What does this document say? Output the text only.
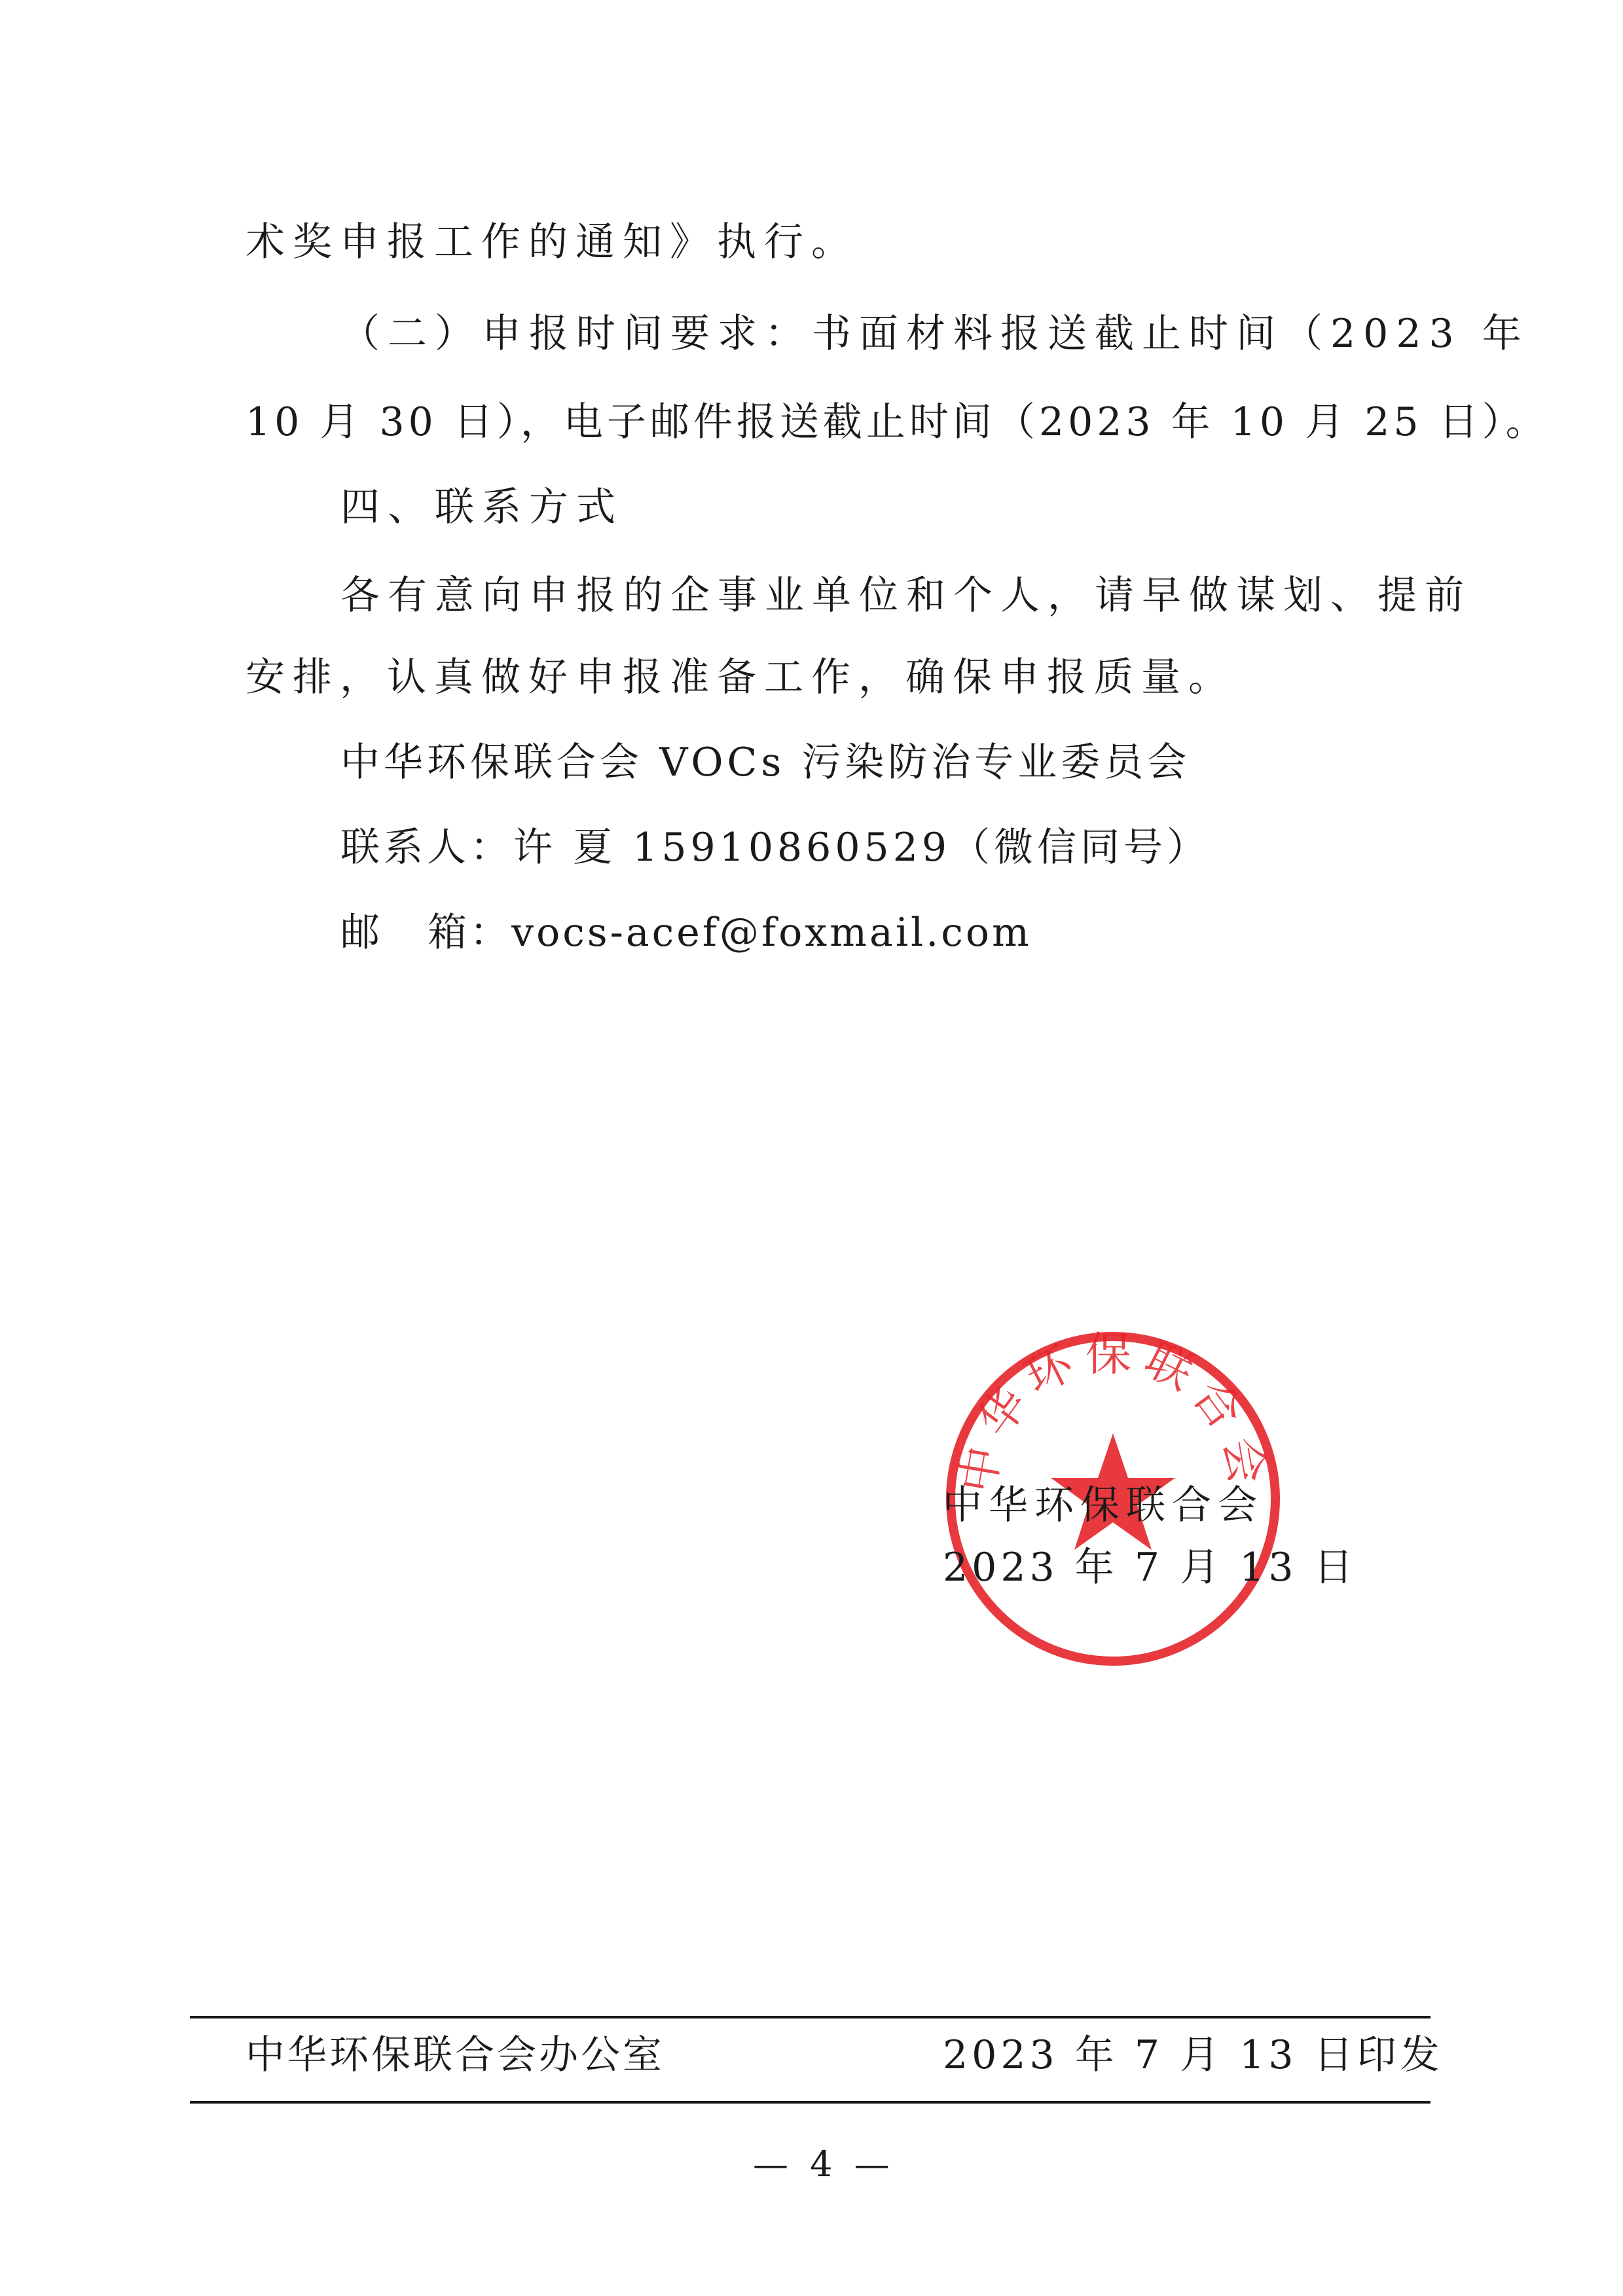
术奖申报工作的通知》执行。
（二）申报时间要求：书面材料报送截止时间（2023 年
10 月 30 日），电子邮件报送截止时间（2023 年 10 月 25 日）。
四、联系方式
各有意向申报的企事业单位和个人，请早做谋划、提前
安排，认真做好申报准备工作，确保申报质量。
中华环保联合会 VOCs 污染防治专业委员会
联系人：许 夏 15910860529（微信同号）
邮   箱：vocs-acef@foxmail.com
中华环保联合会
中华环保联合会
2023 年 7 月 13 日
中华环保联合会办公室	2023 年 7 月 13 日印发
— 4 —
